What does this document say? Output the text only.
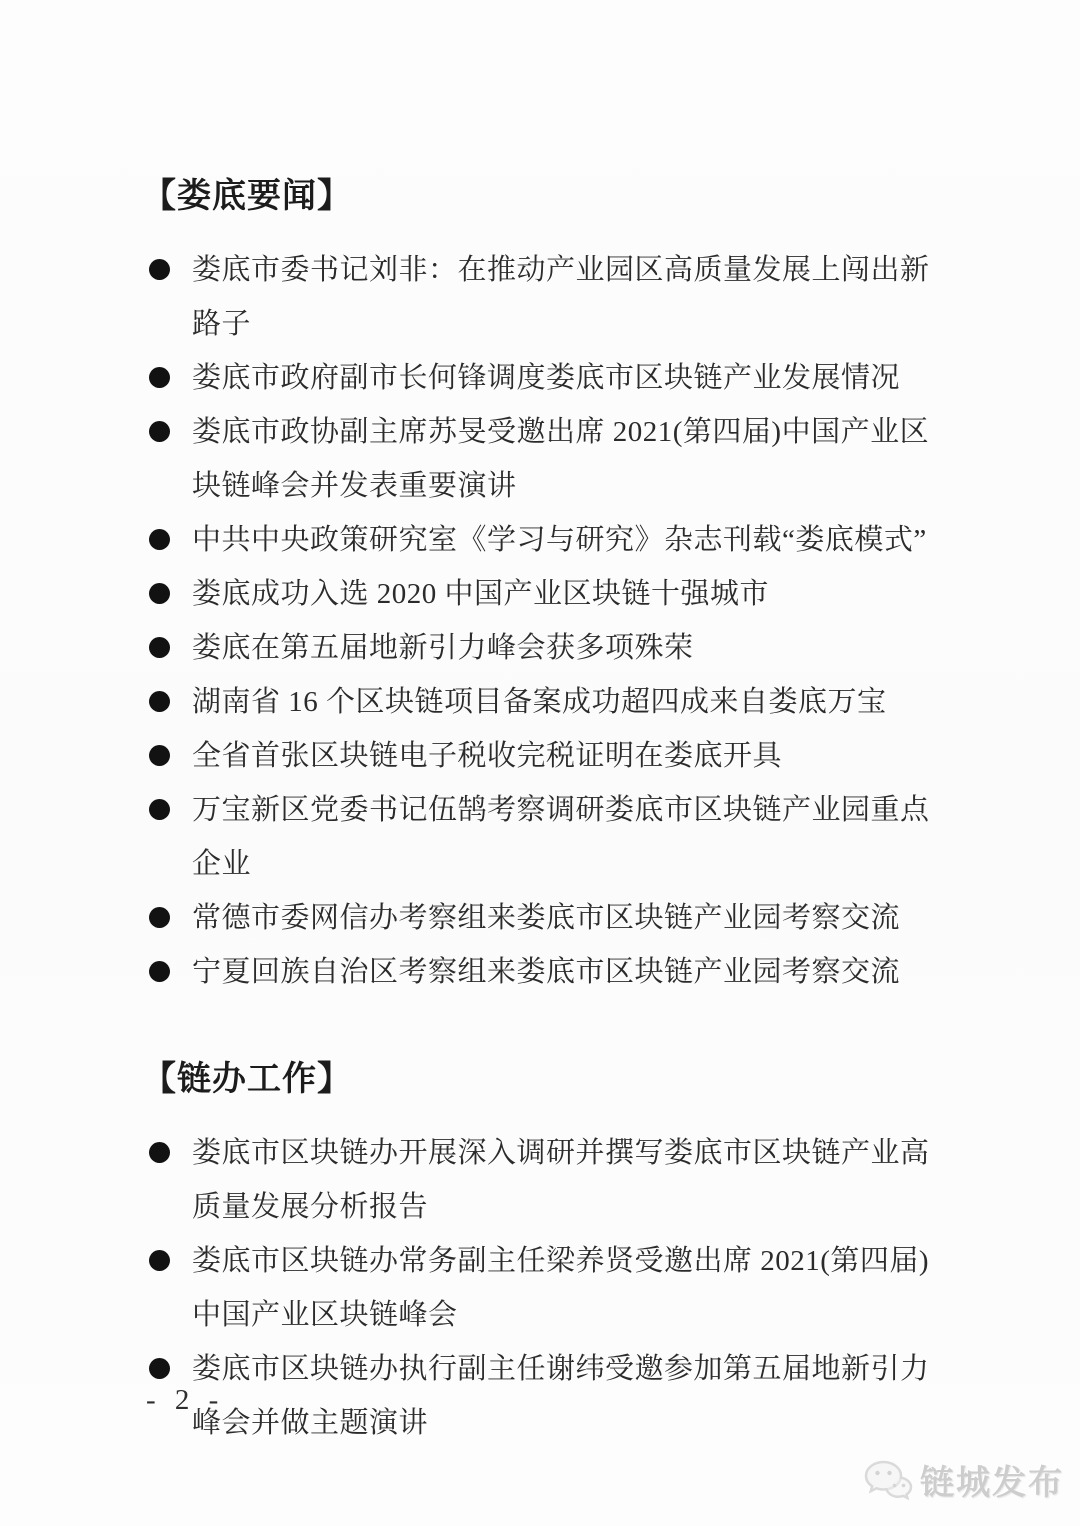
【娄底要闻】
娄底市委书记刘非：在推动产业园区高质量发展上闯出新路子
娄底市政府副市长何锋调度娄底市区块链产业发展情况
娄底市政协副主席苏旻受邀出席 2021(第四届)中国产业区块链峰会并发表重要演讲
中共中央政策研究室《学习与研究》杂志刊载“娄底模式”
娄底成功入选 2020 中国产业区块链十强城市
娄底在第五届地新引力峰会获多项殊荣
湖南省 16 个区块链项目备案成功超四成来自娄底万宝
全省首张区块链电子税收完税证明在娄底开具
万宝新区党委书记伍鹄考察调研娄底市区块链产业园重点企业
常德市委网信办考察组来娄底市区块链产业园考察交流
宁夏回族自治区考察组来娄底市区块链产业园考察交流
【链办工作】
娄底市区块链办开展深入调研并撰写娄底市区块链产业高质量发展分析报告
娄底市区块链办常务副主任梁养贤受邀出席 2021(第四届)中国产业区块链峰会
娄底市区块链办执行副主任谢纬受邀参加第五届地新引力峰会并做主题演讲
- 2 -
链城发布
